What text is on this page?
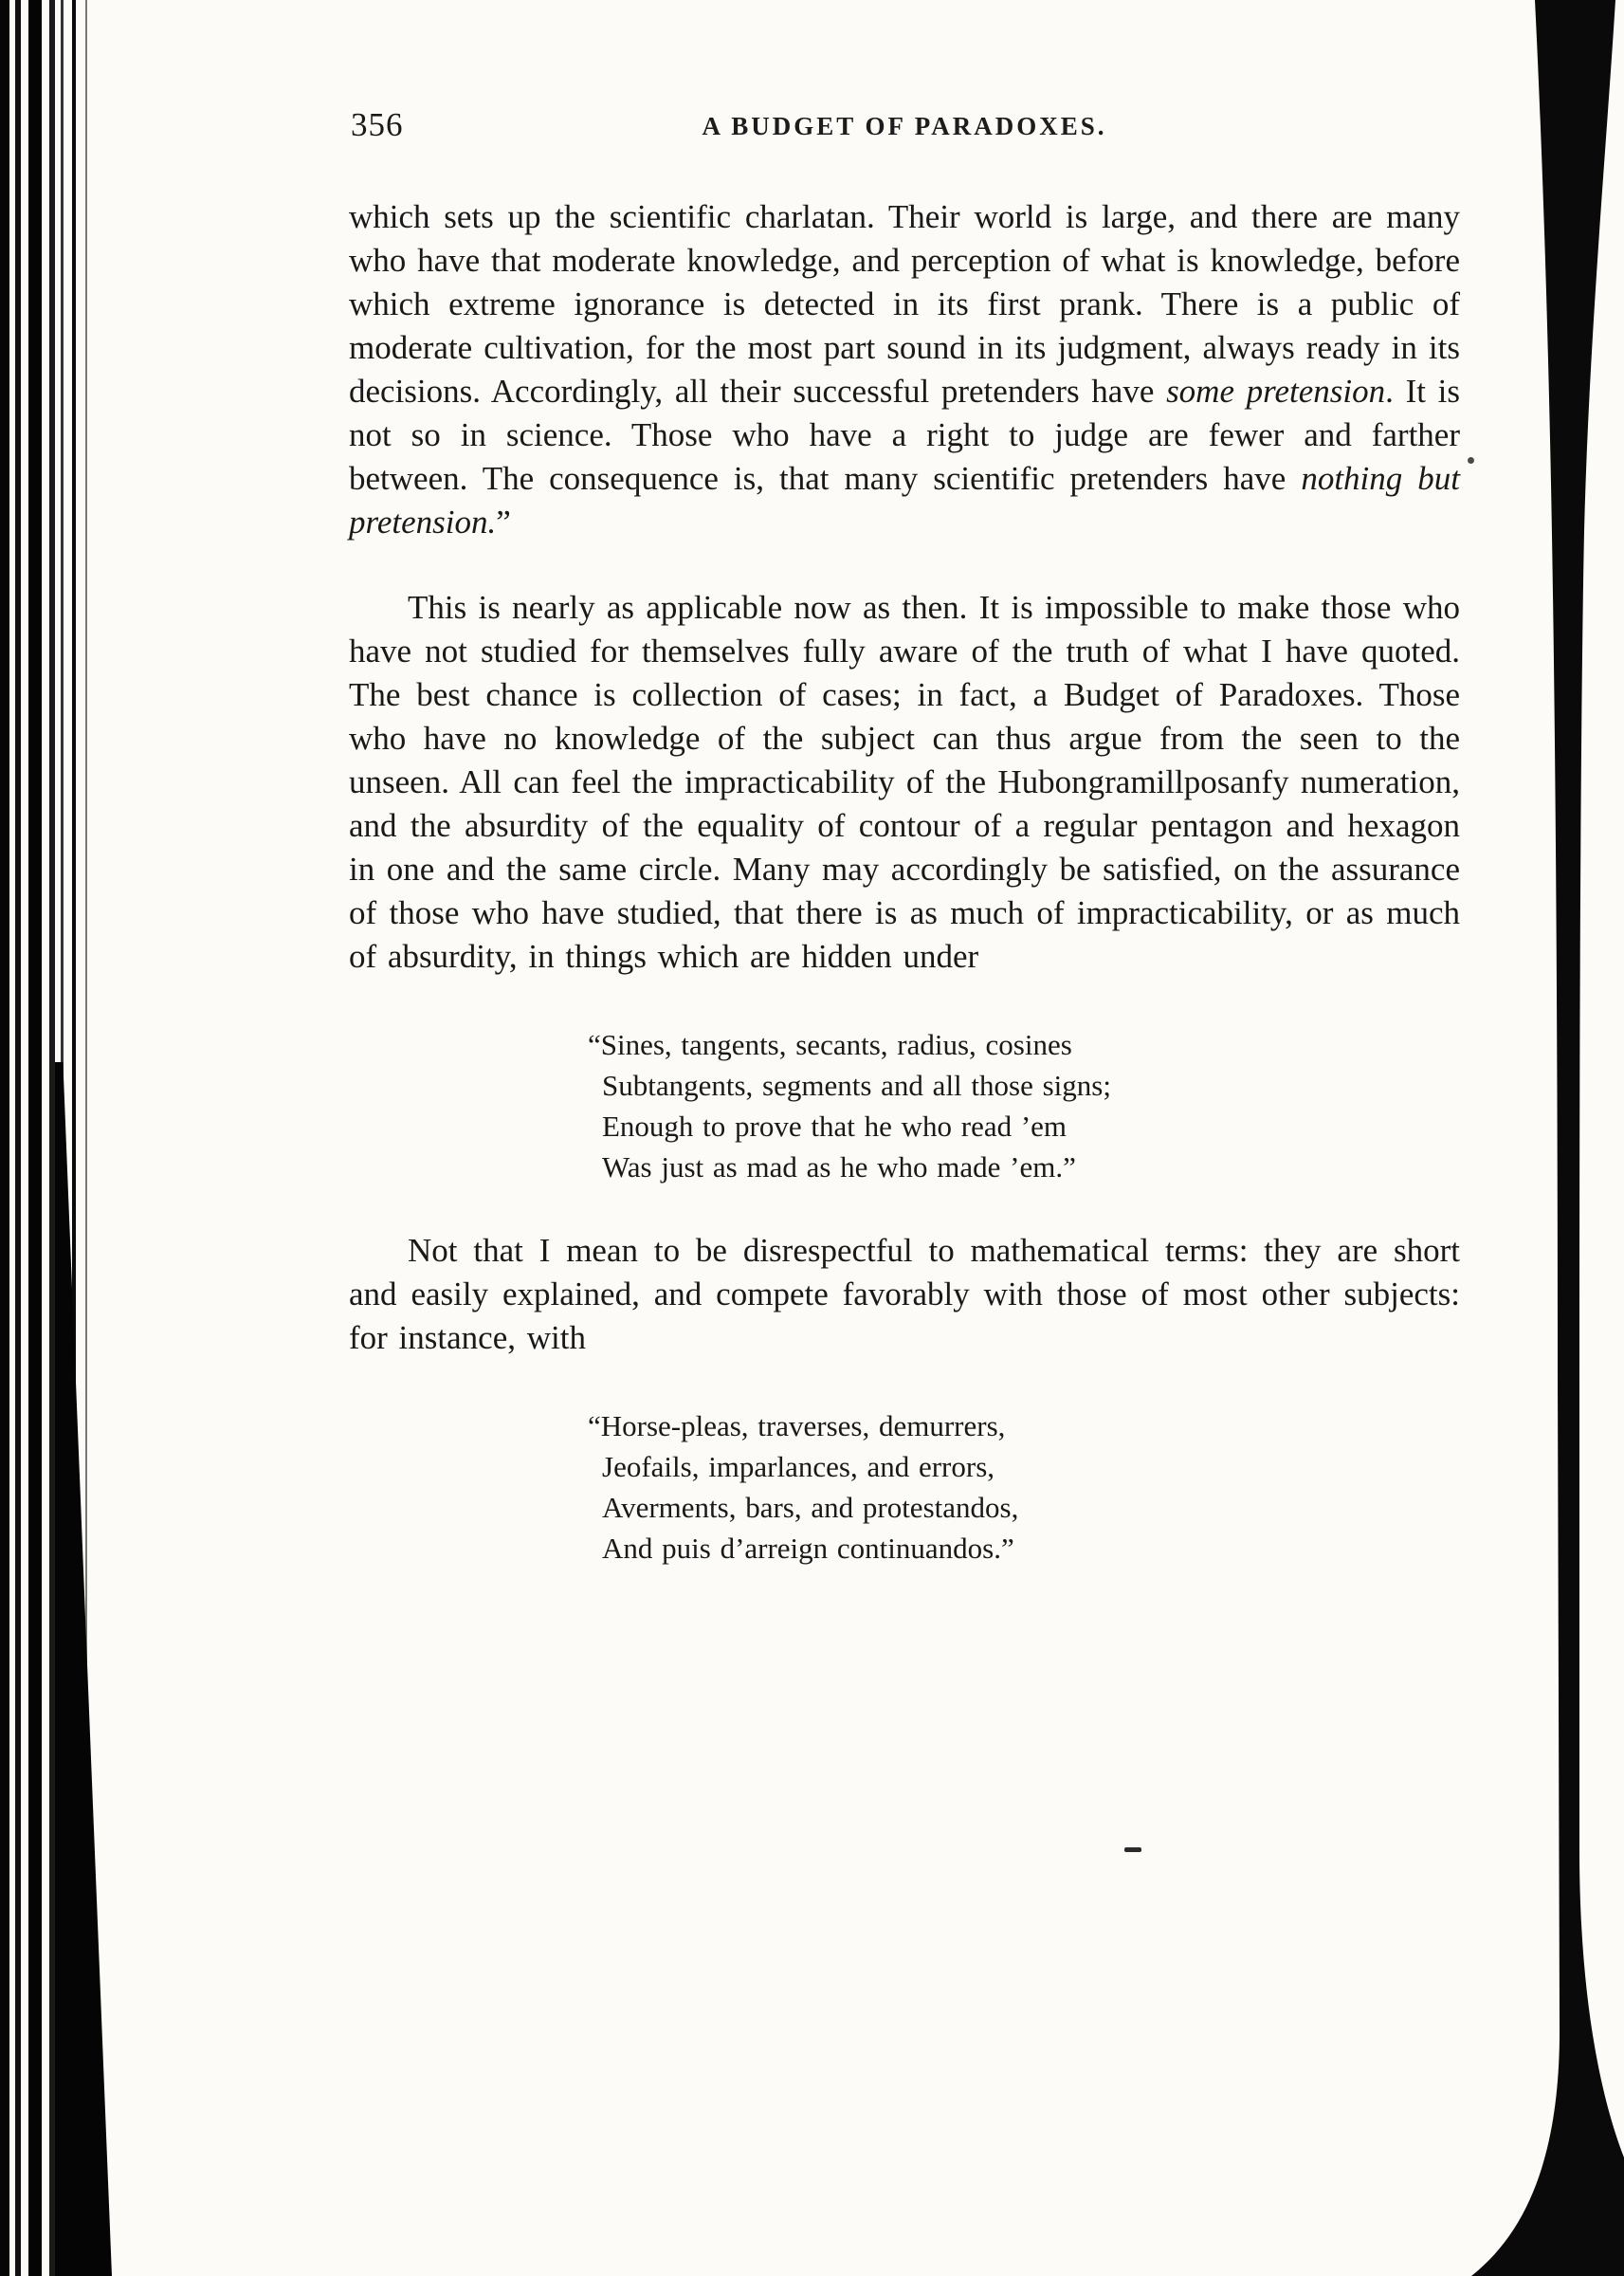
356	A BUDGET OF PARADOXES.

which sets up the scientific charlatan. Their world is large, and there are many who have that moderate knowledge, and perception of what is knowledge, before which extreme ignorance is detected in its first prank. There is a public of moderate cultivation, for the most part sound in its judgment, always ready in its decisions. Accordingly, all their successful pretenders have some pretension. It is not so in science. Those who have a right to judge are fewer and farther between. The consequence is, that many scientific pretenders have nothing but pretension.”

This is nearly as applicable now as then. It is impossible to make those who have not studied for themselves fully aware of the truth of what I have quoted. The best chance is collection of cases; in fact, a Budget of Paradoxes. Those who have no knowledge of the subject can thus argue from the seen to the unseen. All can feel the impracticability of the Hubongramillposanfy numeration, and the absurdity of the equality of contour of a regular pentagon and hexagon in one and the same circle. Many may accordingly be satisfied, on the assurance of those who have studied, that there is as much of impracticability, or as much of absurdity, in things which are hidden under

“Sines, tangents, secants, radius, cosines
Subtangents, segments and all those signs;
Enough to prove that he who read ’em
Was just as mad as he who made ’em.”

Not that I mean to be disrespectful to mathematical terms: they are short and easily explained, and compete favorably with those of most other subjects: for instance, with

“Horse-pleas, traverses, demurrers,
Jeofails, imparlances, and errors,
Averments, bars, and protestandos,
And puis d’arreign continuandos.”
